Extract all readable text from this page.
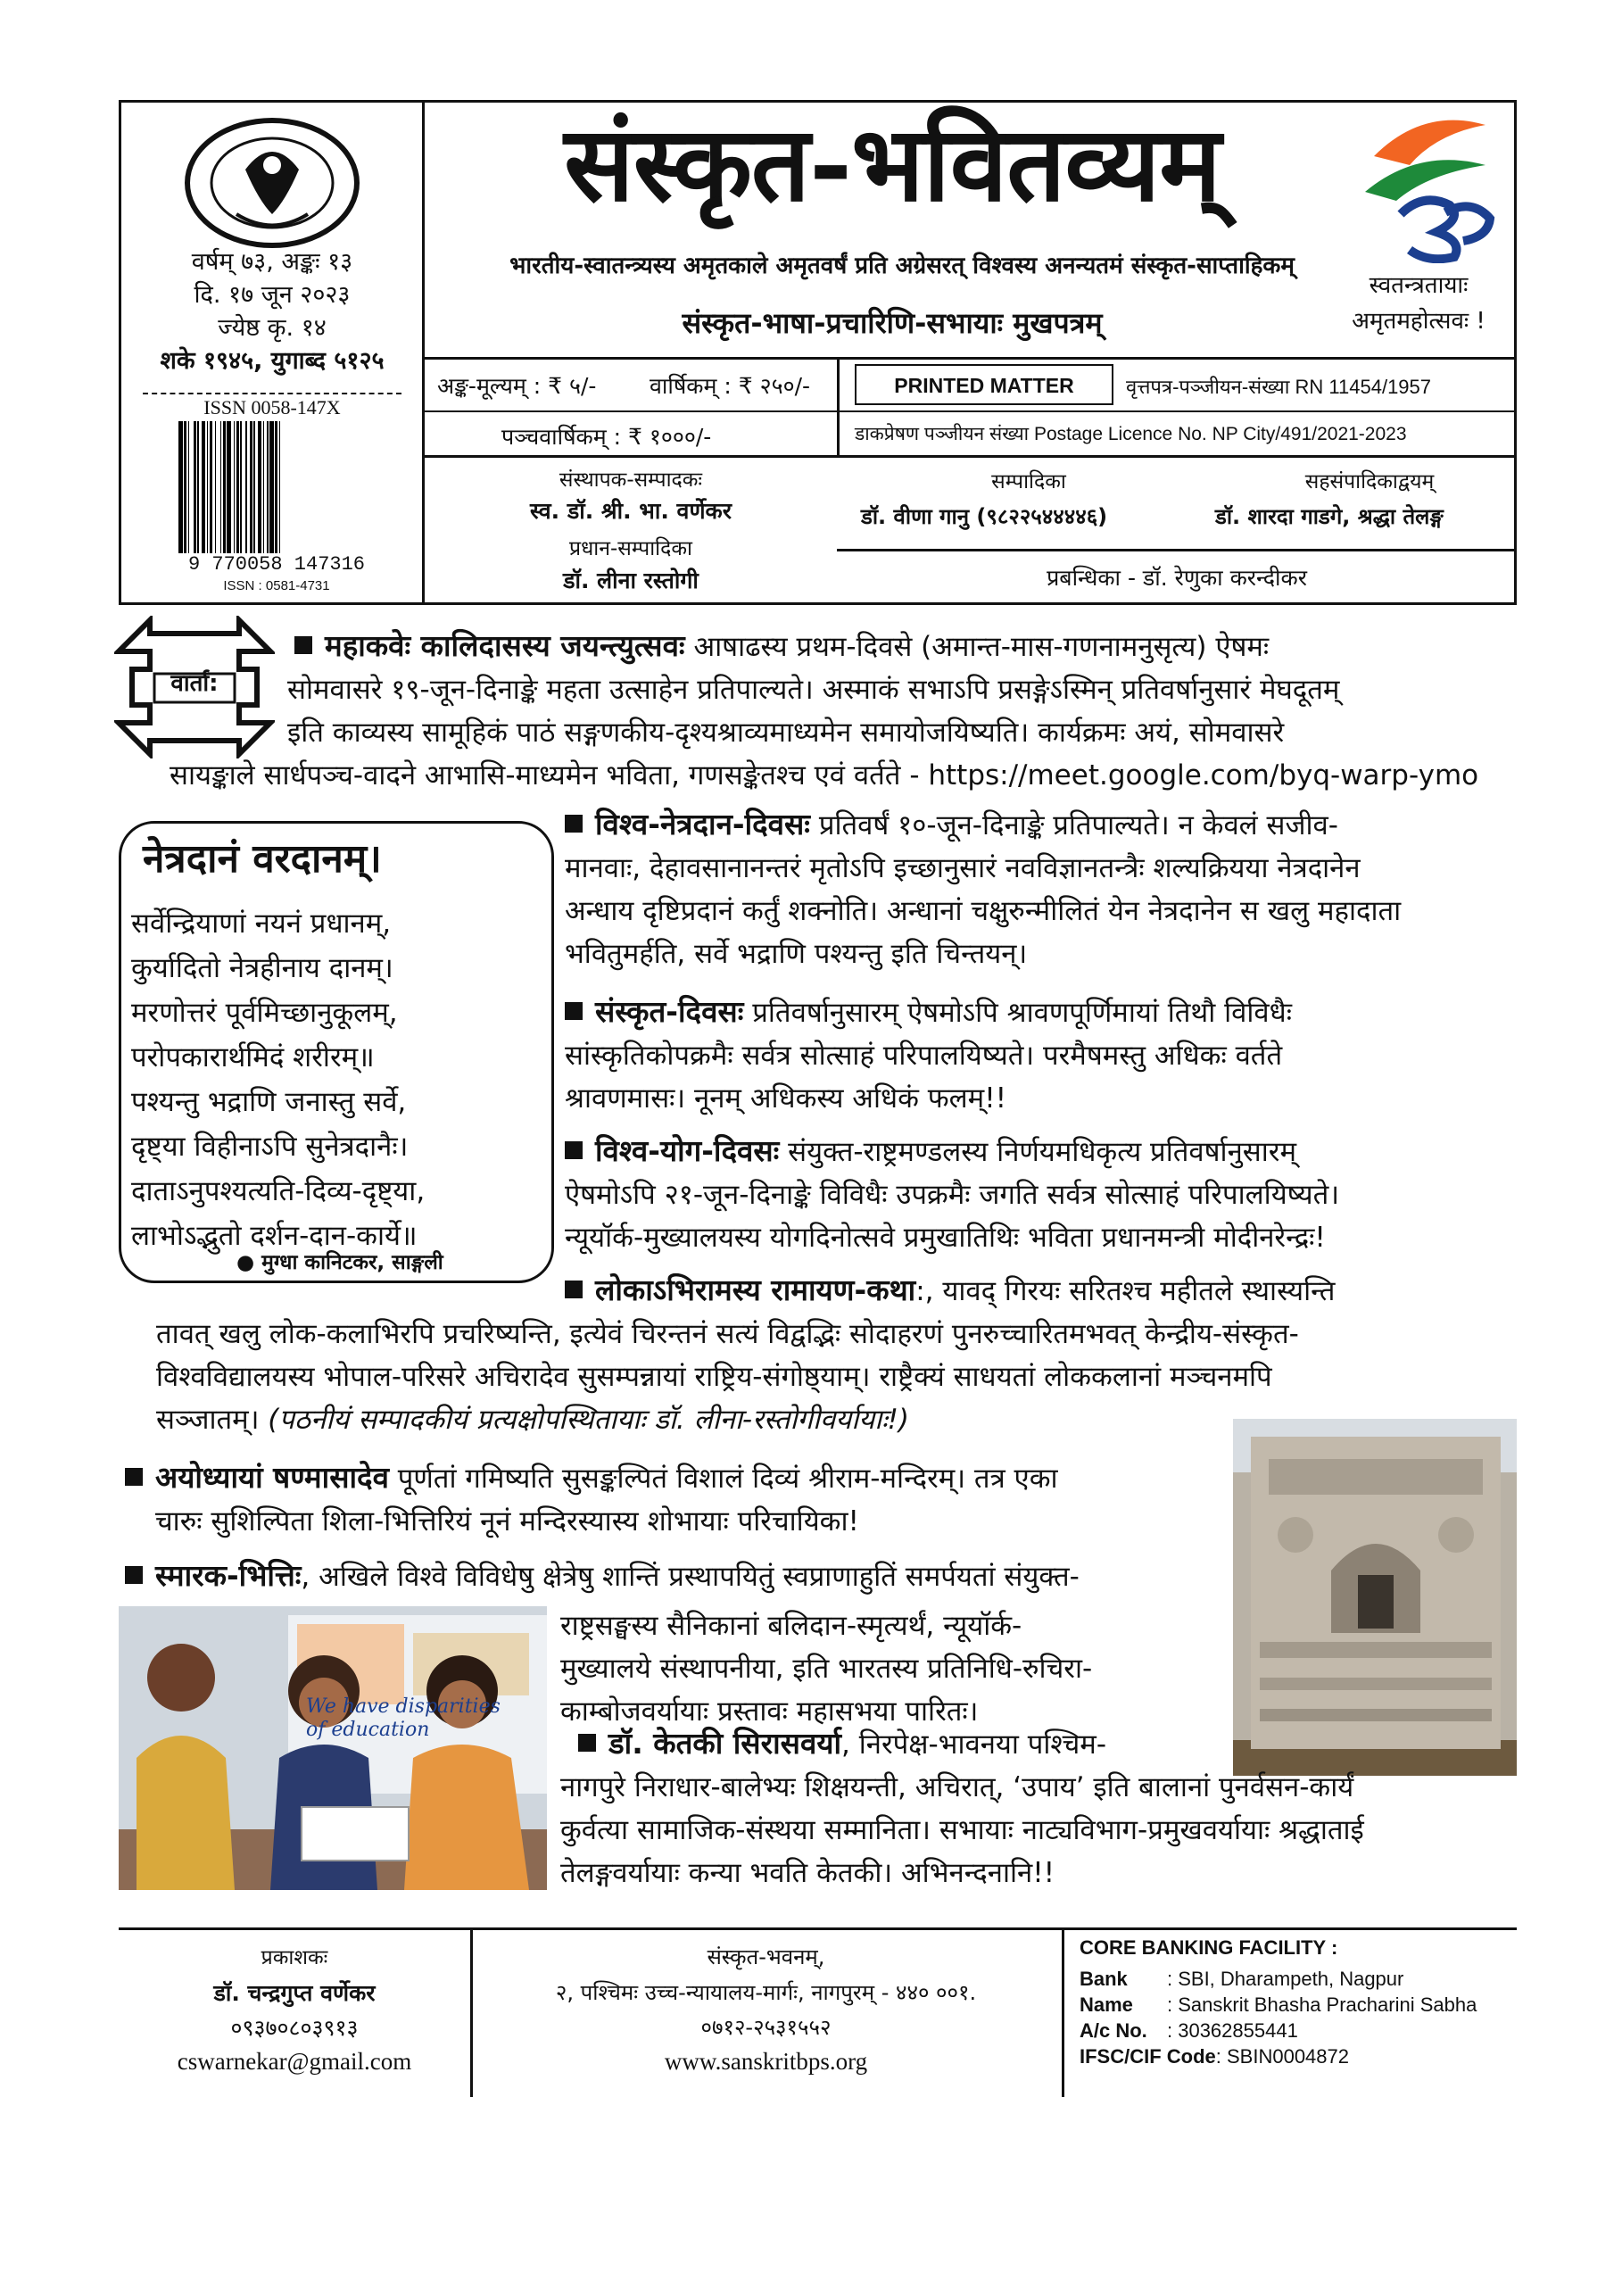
वर्षम् ७३, अङ्कः १३
दि. १७ जून २०२३
ज्येष्ठ कृ. १४
शके १९४५, युगाब्द ५१२५
ISSN 0058-147X
9 770058 147316
ISSN : 0581-4731
संस्कृत-भवितव्यम्
भारतीय-स्वातन्त्र्यस्य अमृतकाले अमृतवर्षं प्रति अग्रेसरत् विश्वस्य अनन्यतमं संस्कृत-साप्ताहिकम्
संस्कृत-भाषा-प्रचारिणि-सभायाः मुखपत्रम्
स्वतन्त्रतायाः
अमृतमहोत्सवः !
अङ्क-मूल्यम् : ₹ ५/- वार्षिकम् : ₹ २५०/-
पञ्चवार्षिकम् : ₹ १०००/-
PRINTED MATTER	वृत्तपत्र-पञ्जीयन-संख्या RN 11454/1957
डाकप्रेषण पञ्जीयन संख्या Postage Licence No. NP City/491/2021-2023
संस्थापक-सम्पादकः
स्व. डॉ. श्री. भा. वर्णेकर
प्रधान-सम्पादिका
डॉ. लीना रस्तोगी
सम्पादिका
डॉ. वीणा गानु (९८२२५४४४४६)
सहसंपादिकाद्वयम्
डॉ. शारदा गाडगे, श्रद्धा तेलङ्ग
प्रबन्धिका - डॉ. रेणुका करन्दीकर
वार्ता:
महाकवेः कालिदासस्य जयन्त्युत्सवः आषाढस्य प्रथम-दिवसे (अमान्त-मास-गणनामनुसृत्य) ऐषमः
सोमवासरे १९-जून-दिनाङ्के महता उत्साहेन प्रतिपाल्यते। अस्माकं सभाऽपि प्रसङ्गेऽस्मिन् प्रतिवर्षानुसारं मेघदूतम्
इति काव्यस्य सामूहिकं पाठं सङ्गणकीय-दृश्यश्राव्यमाध्यमेन समायोजयिष्यति। कार्यक्रमः अयं, सोमवासरे
सायङ्काले सार्धपञ्च-वादने आभासि-माध्यमेन भविता, गणसङ्केतश्च एवं वर्तते - https://meet.google.com/byq-warp-ymo
नेत्रदानं वरदानम्।
सर्वेन्द्रियाणां नयनं प्रधानम्,
कुर्यादितो नेत्रहीनाय दानम्।
मरणोत्तरं पूर्वमिच्छानुकूलम्,
परोपकारार्थमिदं शरीरम्॥
पश्यन्तु भद्राणि जनास्तु सर्वे,
दृष्ट्या विहीनाऽपि सुनेत्रदानैः।
दाताऽनुपश्यत्यति-दिव्य-दृष्ट्या,
लाभोऽद्भुतो दर्शन-दान-कार्ये॥
● मुग्धा कानिटकर, साङ्गली
विश्व-नेत्रदान-दिवसः प्रतिवर्षं १०-जून-दिनाङ्के प्रतिपाल्यते। न केवलं सजीव-
मानवाः, देहावसानानन्तरं मृतोऽपि इच्छानुसारं नवविज्ञानतन्त्रैः शल्यक्रियया नेत्रदानेन
अन्धाय दृष्टिप्रदानं कर्तुं शक्नोति। अन्धानां चक्षुरुन्मीलितं येन नेत्रदानेन स खलु महादाता
भवितुमर्हति, सर्वे भद्राणि पश्यन्तु इति चिन्तयन्।
संस्कृत-दिवसः प्रतिवर्षानुसारम् ऐषमोऽपि श्रावणपूर्णिमायां तिथौ विविधैः
सांस्कृतिकोपक्रमैः सर्वत्र सोत्साहं परिपालयिष्यते। परमैषमस्तु अधिकः वर्तते
श्रावणमासः। नूनम् अधिकस्य अधिकं फलम्!!
विश्व-योग-दिवसः संयुक्त-राष्ट्रमण्डलस्य निर्णयमधिकृत्य प्रतिवर्षानुसारम्
ऐषमोऽपि २१-जून-दिनाङ्के विविधैः उपक्रमैः जगति सर्वत्र सोत्साहं परिपालयिष्यते।
न्यूयॉर्क-मुख्यालयस्य योगदिनोत्सवे प्रमुखातिथिः भविता प्रधानमन्त्री मोदीनरेन्द्रः!
लोकाऽभिरामस्य रामायण-कथा:, यावद् गिरयः सरितश्च महीतले स्थास्यन्ति
तावत् खलु लोक-कलाभिरपि प्रचरिष्यन्ति, इत्येवं चिरन्तनं सत्यं विद्वद्भिः सोदाहरणं पुनरुच्चारितमभवत् केन्द्रीय-संस्कृत-
विश्वविद्यालयस्य भोपाल-परिसरे अचिरादेव सुसम्पन्नायां राष्ट्रिय-संगोष्ठ्याम्। राष्ट्रैक्यं साधयतां लोककलानां मञ्चनमपि
सञ्जातम्। (पठनीयं सम्पादकीयं प्रत्यक्षोपस्थितायाः डॉ. लीना-रस्तोगीवर्यायाः!)
अयोध्यायां षण्मासादेव पूर्णतां गमिष्यति सुसङ्कल्पितं विशालं दिव्यं श्रीराम-मन्दिरम्। तत्र एका
चारुः सुशिल्पिता शिला-भित्तिरियं नूनं मन्दिरस्यास्य शोभायाः परिचायिका!
स्मारक-भित्तिः, अखिले विश्वे विविधेषु क्षेत्रेषु शान्तिं प्रस्थापयितुं स्वप्राणाहुतिं समर्पयतां संयुक्त-
राष्ट्रसङ्घस्य सैनिकानां बलिदान-स्मृत्यर्थं, न्यूयॉर्क-
मुख्यालये संस्थापनीया, इति भारतस्य प्रतिनिधि-रुचिरा-
काम्बोजवर्यायाः प्रस्तावः महासभया पारितः।
We have disparities of education	डॉ. केतकी सिरासवर्या, निरपेक्ष-भावनया पश्चिम-
नागपुरे निराधार-बालेभ्यः शिक्षयन्ती, अचिरात्, ‘उपाय’ इति बालानां पुनर्वसन-कार्यं
कुर्वत्या सामाजिक-संस्थया सम्मानिता। सभायाः नाट्यविभाग-प्रमुखवर्यायाः श्रद्धाताई
तेलङ्गवर्यायाः कन्या भवति केतकी। अभिनन्दनानि!!
प्रकाशकः
डॉ. चन्द्रगुप्त वर्णेकर
०९३७०८०३९१३
cswarnekar@gmail.com
संस्कृत-भवनम्,
२, पश्चिमः उच्च-न्यायालय-मार्गः, नागपुरम् - ४४० ००१.
०७१२-२५३१५५२
www.sanskritbps.org
CORE BANKING FACILITY :
Bank : SBI, Dharampeth, Nagpur
Name : Sanskrit Bhasha Pracharini Sabha
A/c No. : 30362855441
IFSC/CIF Code: SBIN0004872
